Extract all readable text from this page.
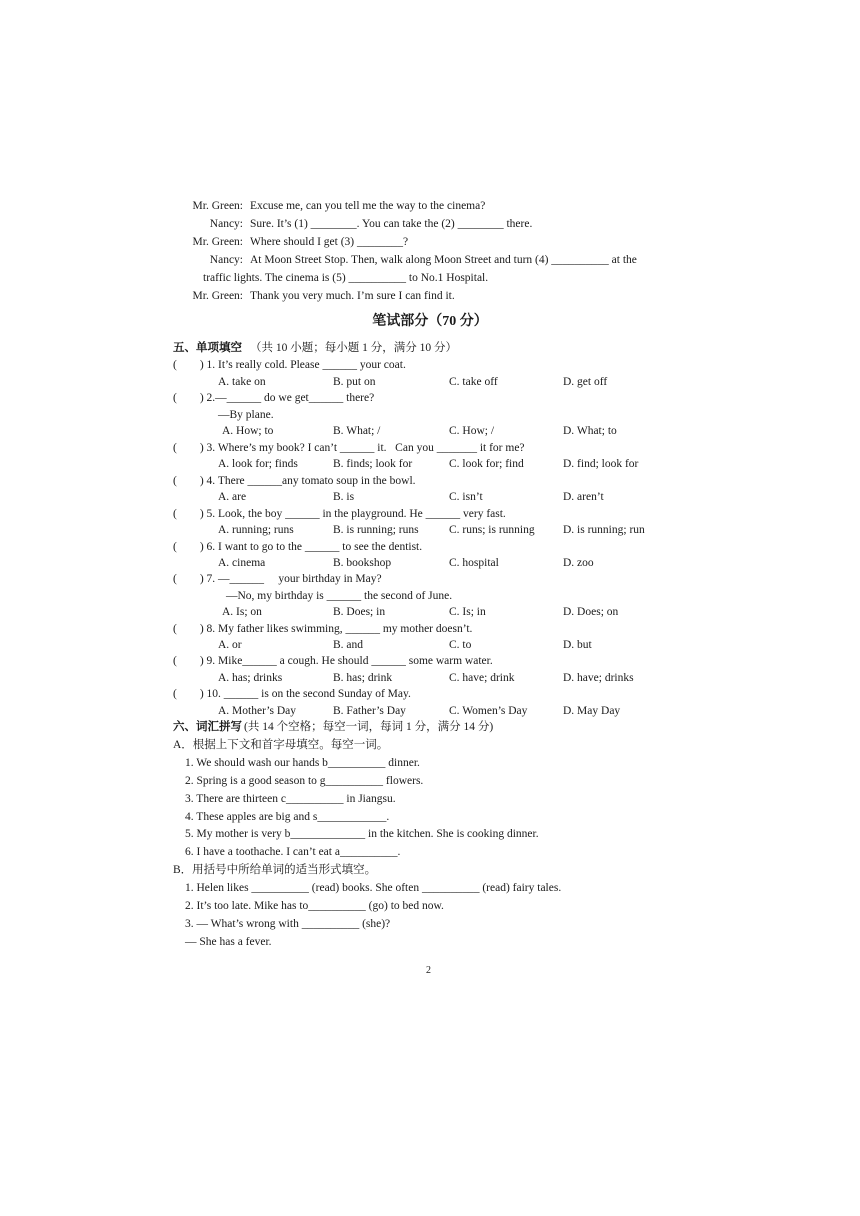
Mr. Green: Excuse me, can you tell me the way to the cinema?
Nancy: Sure. It’s (1) ________. You can take the (2) ________ there.
Mr. Green: Where should I get (3) ________?
Nancy: At Moon Street Stop. Then, walk along Moon Street and turn (4) __________ at the
traffic lights. The cinema is (5) __________ to No.1 Hospital.
Mr. Green: Thank you very much. I’m sure I can find it.
笔试部分（70 分）
五、单项填空 （共 10 小题；每小题 1 分，满分 10 分）
(        ) 1. It’s really cold. Please ______ your coat.
A. take on	B. put on	C. take off	D. get off
(        ) 2.—______ do we get______ there?
—By plane.
A. How; to	B. What; /	C. How; /	D. What; to
(        ) 3. Where’s my book? I can’t ______ it.   Can you _______ it for me?
A. look for; finds	B. finds; look for	C. look for; find	D. find; look for
(        ) 4. There ______any tomato soup in the bowl.
A. are	B. is	C. isn’t	D. aren’t
(        ) 5. Look, the boy ______ in the playground. He ______ very fast.
A. running; runs	B. is running; runs	C. runs; is running D. is running; run
(        ) 6. I want to go to the ______ to see the dentist.
A. cinema	B. bookshop	C. hospital	D. zoo
(        ) 7. —______     your birthday in May?
—No, my birthday is ______ the second of June.
A. Is; on	B. Does; in	C. Is; in	D. Does; on
(        ) 8. My father likes swimming, ______ my mother doesn’t.
A. or	B. and	C. to	D. but
(        ) 9. Mike______ a cough. He should ______ some warm water.
A. has; drinks	B. has; drink	C. have; drink	D. have; drinks
(        ) 10. ______ is on the second Sunday of May.
A. Mother’s Day	B. Father’s Day	C. Women’s Day	D. May Day
六、词汇拼写 (共 14 个空格；每空一词，每词 1 分，满分 14 分)
A．根据上下文和首字母填空。每空一词。
1. We should wash our hands b__________ dinner.
2. Spring is a good season to g__________ flowers.
3. There are thirteen c__________ in Jiangsu.
4. These apples are big and s____________.
5. My mother is very b_____________ in the kitchen. She is cooking dinner.
6. I have a toothache. I can’t eat a__________.
B．用括号中所给单词的适当形式填空。
1. Helen likes __________ (read) books. She often __________ (read) fairy tales.
2. It’s too late. Mike has to__________ (go) to bed now.
3. — What’s wrong with __________ (she)?
— She has a fever.
2
